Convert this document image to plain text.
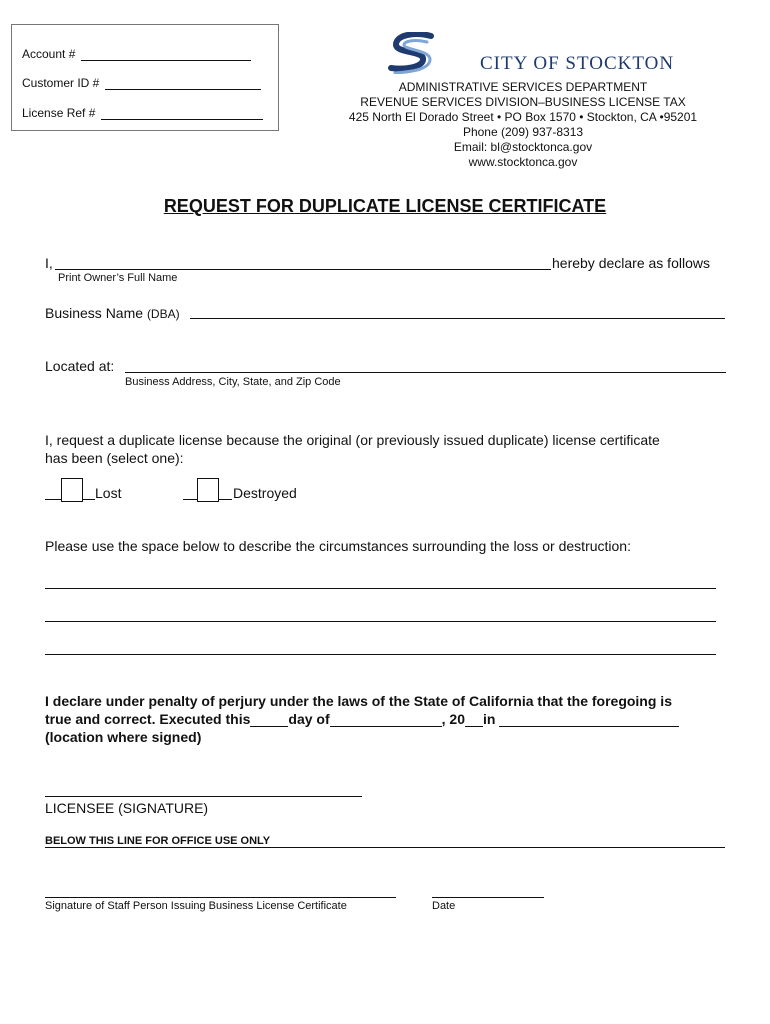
Account #
Customer ID #
License Ref #
CITY OF STOCKTON
ADMINISTRATIVE SERVICES DEPARTMENT
REVENUE SERVICES DIVISION–BUSINESS LICENSE TAX
425 North El Dorado Street • PO Box 1570 • Stockton, CA •95201
Phone (209) 937-8313
Email: bl@stocktonca.gov
www.stocktonca.gov
REQUEST FOR DUPLICATE LICENSE CERTIFICATE
I,	hereby declare as follows
Print Owner’s Full Name
Business Name (DBA)
Located at:
Business Address, City, State, and Zip Code
I, request a duplicate license because the original (or previously issued duplicate) license certificate
has been (select one):
Lost	Destroyed
Please use the space below to describe the circumstances surrounding the loss or destruction:
I declare under penalty of perjury under the laws of the State of California that the foregoing is
true and correct. Executed this	day of	, 20 in
(location where signed)
LICENSEE (SIGNATURE)
BELOW THIS LINE FOR OFFICE USE ONLY
Signature of Staff Person Issuing Business License Certificate	Date
